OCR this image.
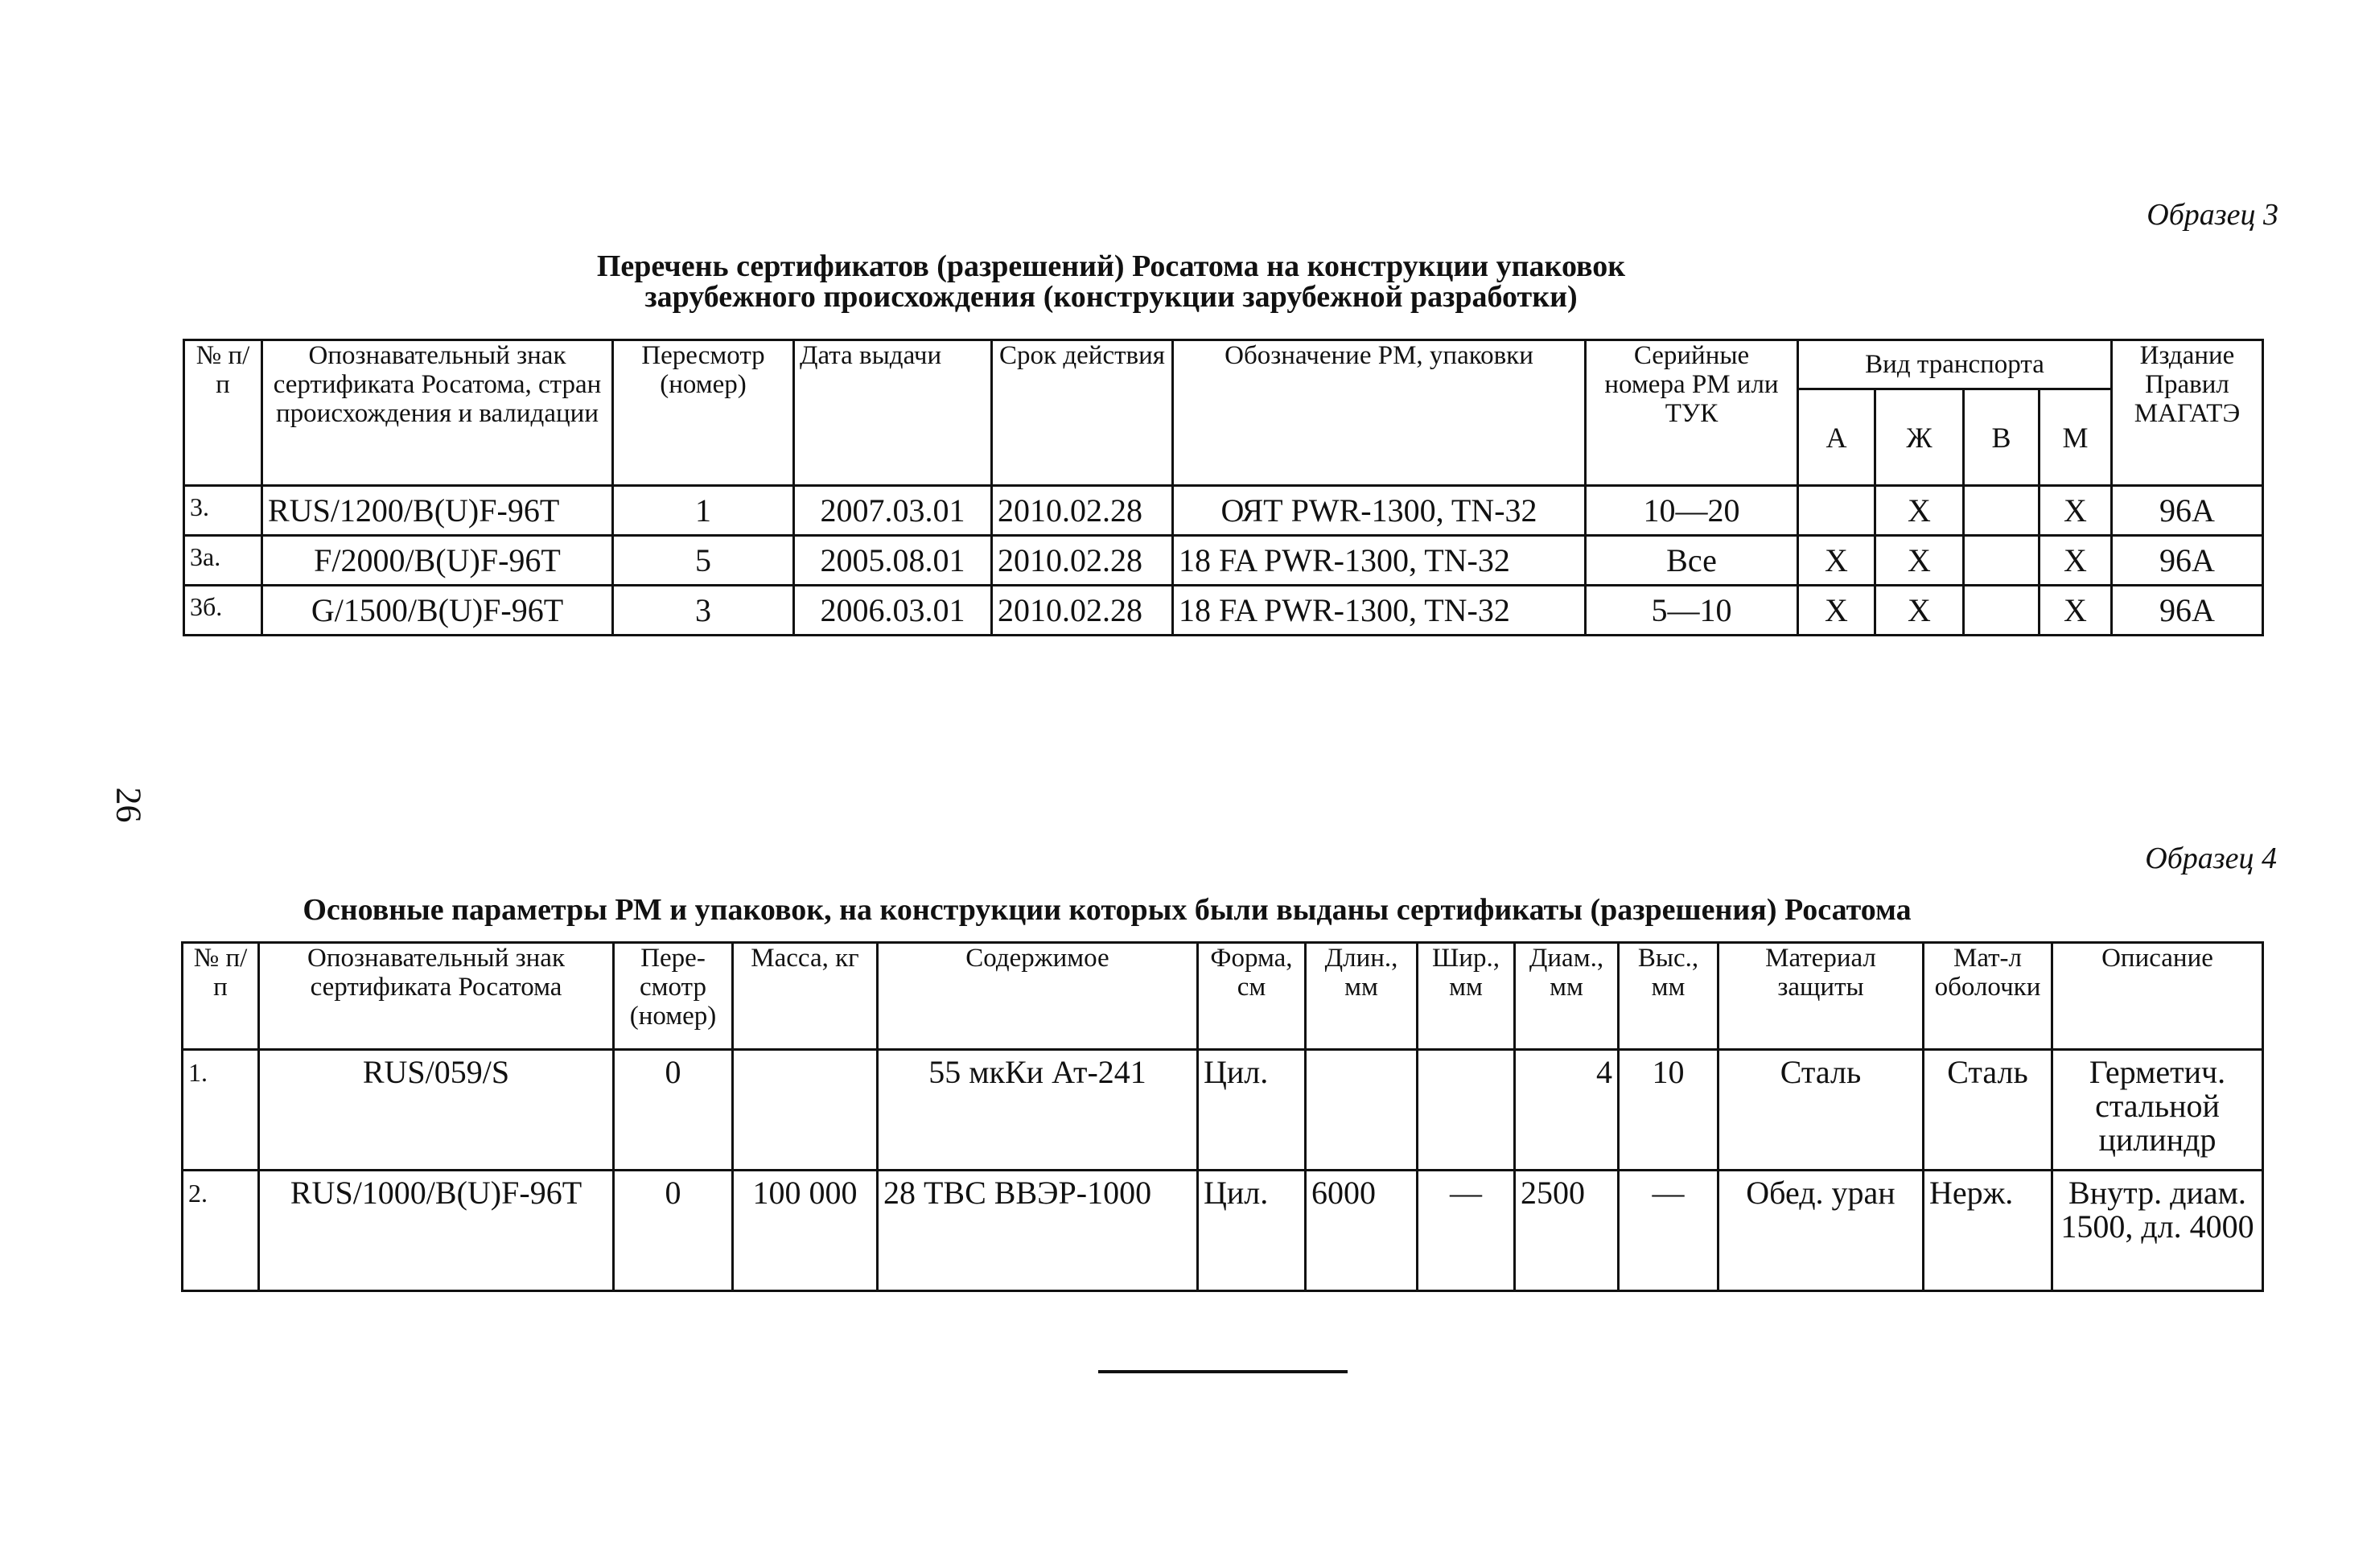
Образец 3
Перечень сертификатов (разрешений) Росатома на конструкции упаковок
зарубежного происхождения (конструкции зарубежной разработки)
№ п/п	Опознавательный знак сертификата Росатома, стран происхождения и валидации	Пересмотр (номер)	Дата выдачи	Срок действия	Обозначение РМ, упаковки	Серийные номера РМ или ТУК	Вид транспорта				Издание Правил МАГАТЭ
							А	Ж	В	М	
3.	RUS/1200/B(U)F-96T	1	2007.03.01	2010.02.28	ОЯТ PWR-1300, TN-32	10—20		X		X	96A
3a.	F/2000/B(U)F-96T	5	2005.08.01	2010.02.28	18 FA PWR-1300, TN-32	Все	X	X		X	96A
3б.	G/1500/B(U)F-96T	3	2006.03.01	2010.02.28	18 FA PWR-1300, TN-32	5—10	X	X		X	96A
26
Образец 4
Основные параметры РМ и упаковок, на конструкции которых были выданы сертификаты (разрешения) Росатома
№ п/п	Опознавательный знак сертификата Росатома	Пере-смотр (номер)	Масса, кг	Содержимое	Форма, см	Длин., мм	Шир., мм	Диам., мм	Выс., мм	Материал защиты	Мат-л оболочки	Описание
1.	RUS/059/S	0		55 мкКи Ат-241	Цил.			4	10	Сталь	Сталь	Герметич. стальной цилиндр
2.	RUS/1000/B(U)F-96T	0	100 000	28 ТВС ВВЭР-1000	Цил.	6000	—	2500	—	Обед. уран	Нерж.	Внутр. диам. 1500, дл. 4000
